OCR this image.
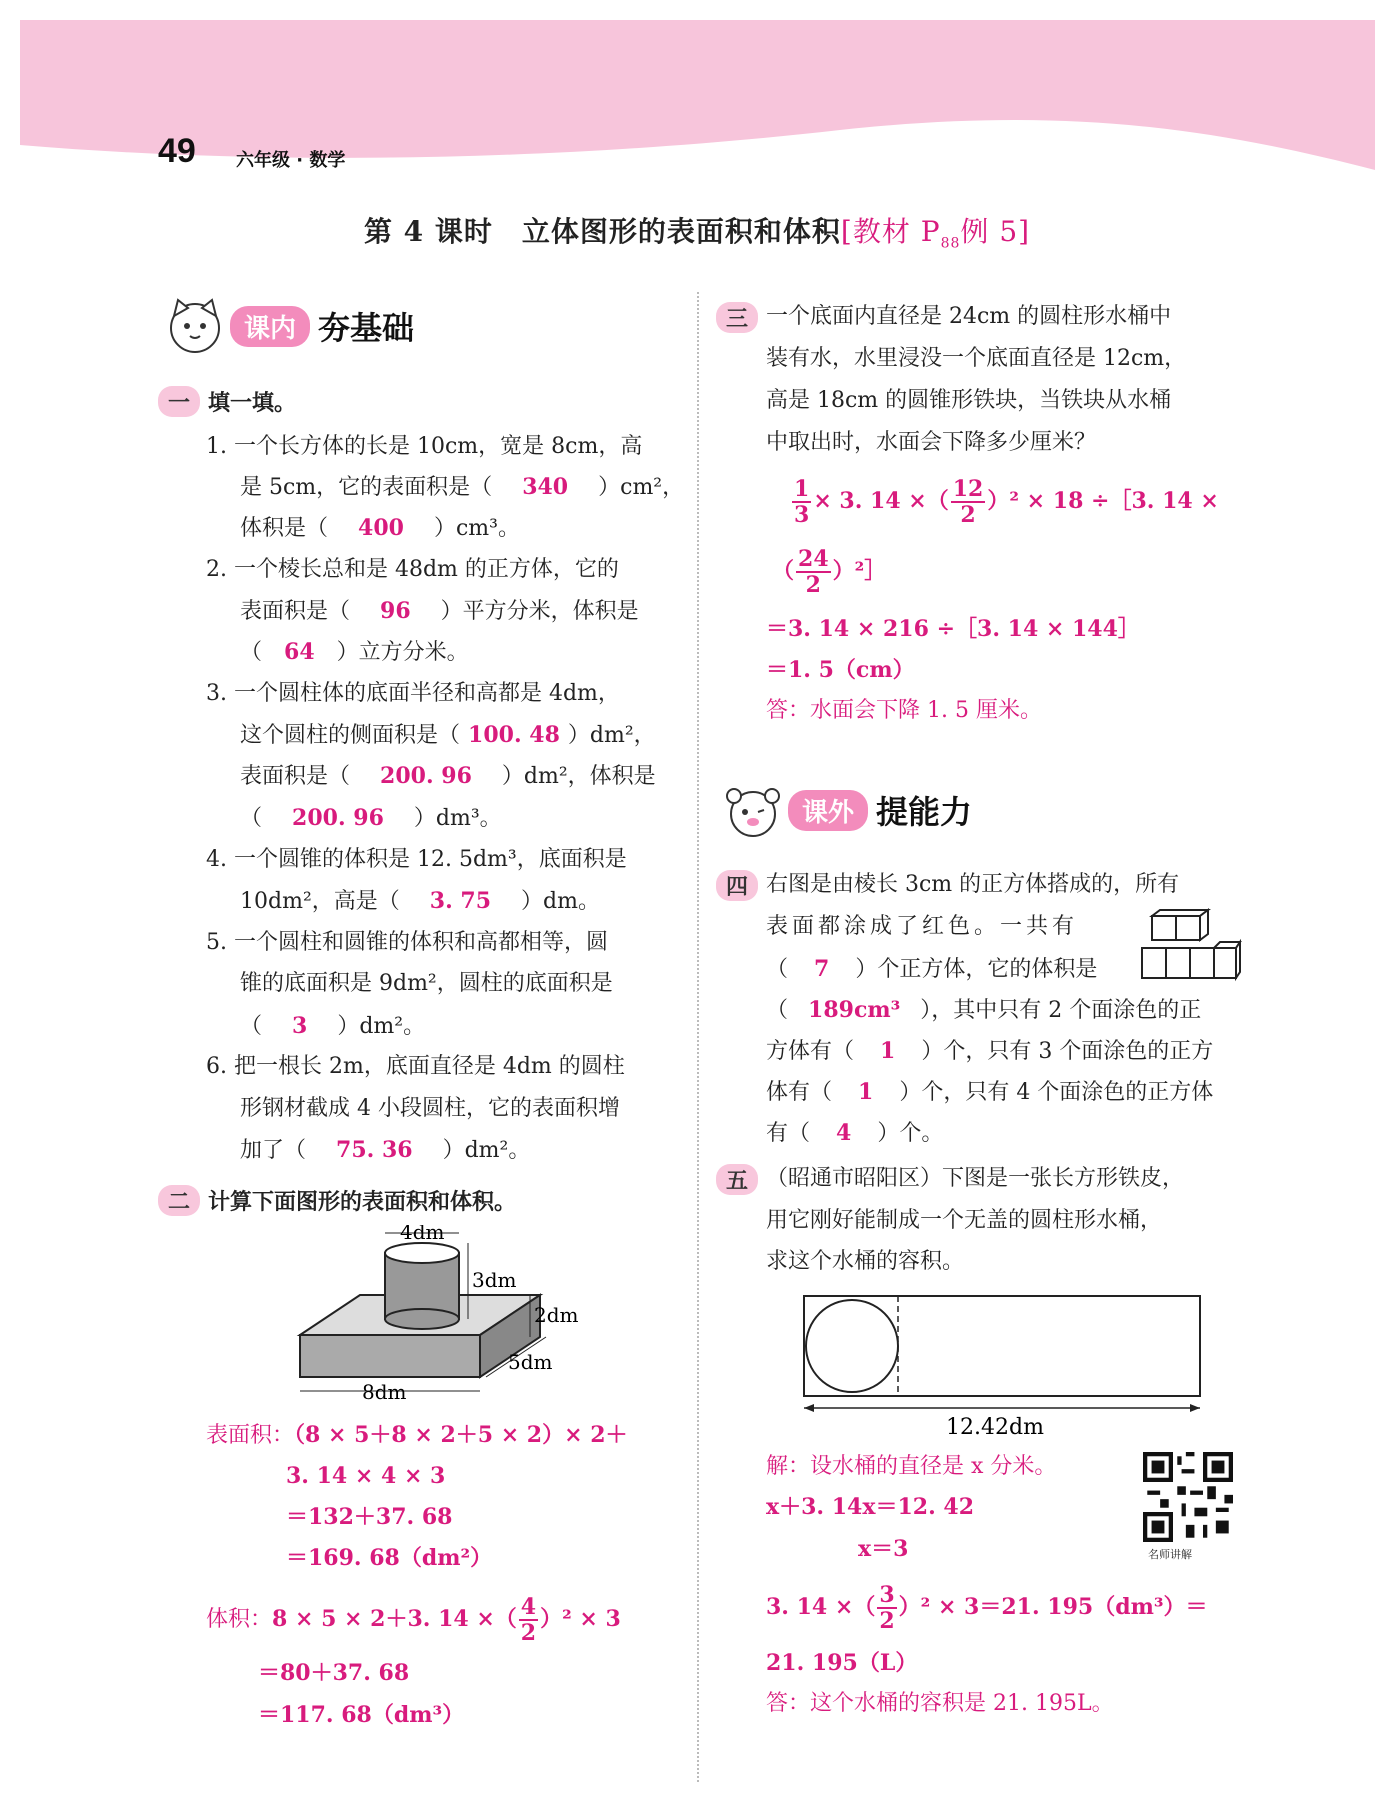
49 六年级 · 数学
第 4 课时　立体图形的表面积和体积[教材 $P_{88}$例 5]
课内 夯基础
一 填一填。
1. 一个长方体的长是 10cm，宽是 8cm，高
是 5cm，它的表面积是（ 340 ）cm²，
体积是（ 400 ）cm³。
2. 一个棱长总和是 48dm 的正方体，它的
表面积是（ 96 ）平方分米，体积是
（ 64 ）立方分米。
3. 一个圆柱体的底面半径和高都是 4dm，
这个圆柱的侧面积是（ 100. 48 ）dm²，
表面积是（ 200. 96 ）dm²，体积是
（ 200. 96 ）dm³。
4. 一个圆锥的体积是 12. 5dm³，底面积是
10dm²，高是（ 3. 75 ）dm。
5. 一个圆柱和圆锥的体积和高都相等，圆
锥的底面积是 9dm²，圆柱的底面积是
（ 3 ）dm²。
6. 把一根长 2m，底面直径是 4dm 的圆柱
形钢材截成 4 小段圆柱，它的表面积增
加了（ 75. 36 ）dm²。
二 计算下面图形的表面积和体积。
4dm
3dm
2dm
5dm
8dm
表面积：（8 × 5＋8 × 2＋5 × 2）× 2＋
3. 14 × 4 × 3
＝132＋37. 68
＝169. 68（dm²）
体积：8 × 5 × 2＋3. 14 ×（ $\frac{4}{2} )^2 \times 3$
＝80＋37. 68
＝117. 68（dm³）
三 一个底面内直径是 24cm 的圆柱形水桶中
装有水，水里浸没一个底面直径是 12cm，
高是 18cm 的圆锥形铁块，当铁块从水桶
中取出时，水面会下降多少厘米？
$\frac{1}{3} \times 3$. 14 ×（ $\frac{12}{2} )^2 \times 18$ ÷［3. 14 ×
（ $\frac{24}{2}$ ）²］
＝3. 14 × 216 ÷［3. 14 × 144］
＝1. 5（cm）
答：水面会下降 1. 5 厘米。
课外 提能力
四 右图是由棱长 3cm 的正方体搭成的，所有
表面都涂成了红色。一共有
（ 7 ）个正方体，它的体积是
（ 189cm³ ），其中只有 2 个面涂色的正
方体有（ 1 ）个，只有 3 个面涂色的正方
体有（ 1 ）个，只有 4 个面涂色的正方体
有（ 4 ）个。
五 （昭通市昭阳区）下图是一张长方形铁皮，
用它刚好能制成一个无盖的圆柱形水桶，
求这个水桶的容积。
12.42dm
解：设水桶的直径是 x 分米。
x＋3. 14x＝12. 42
x＝3
3. 14 ×（ $\frac{3}{2} )^2 \times 3=21$. 195（dm³）＝
21. 195（L）
答：这个水桶的容积是 21. 195L。
名师讲解
